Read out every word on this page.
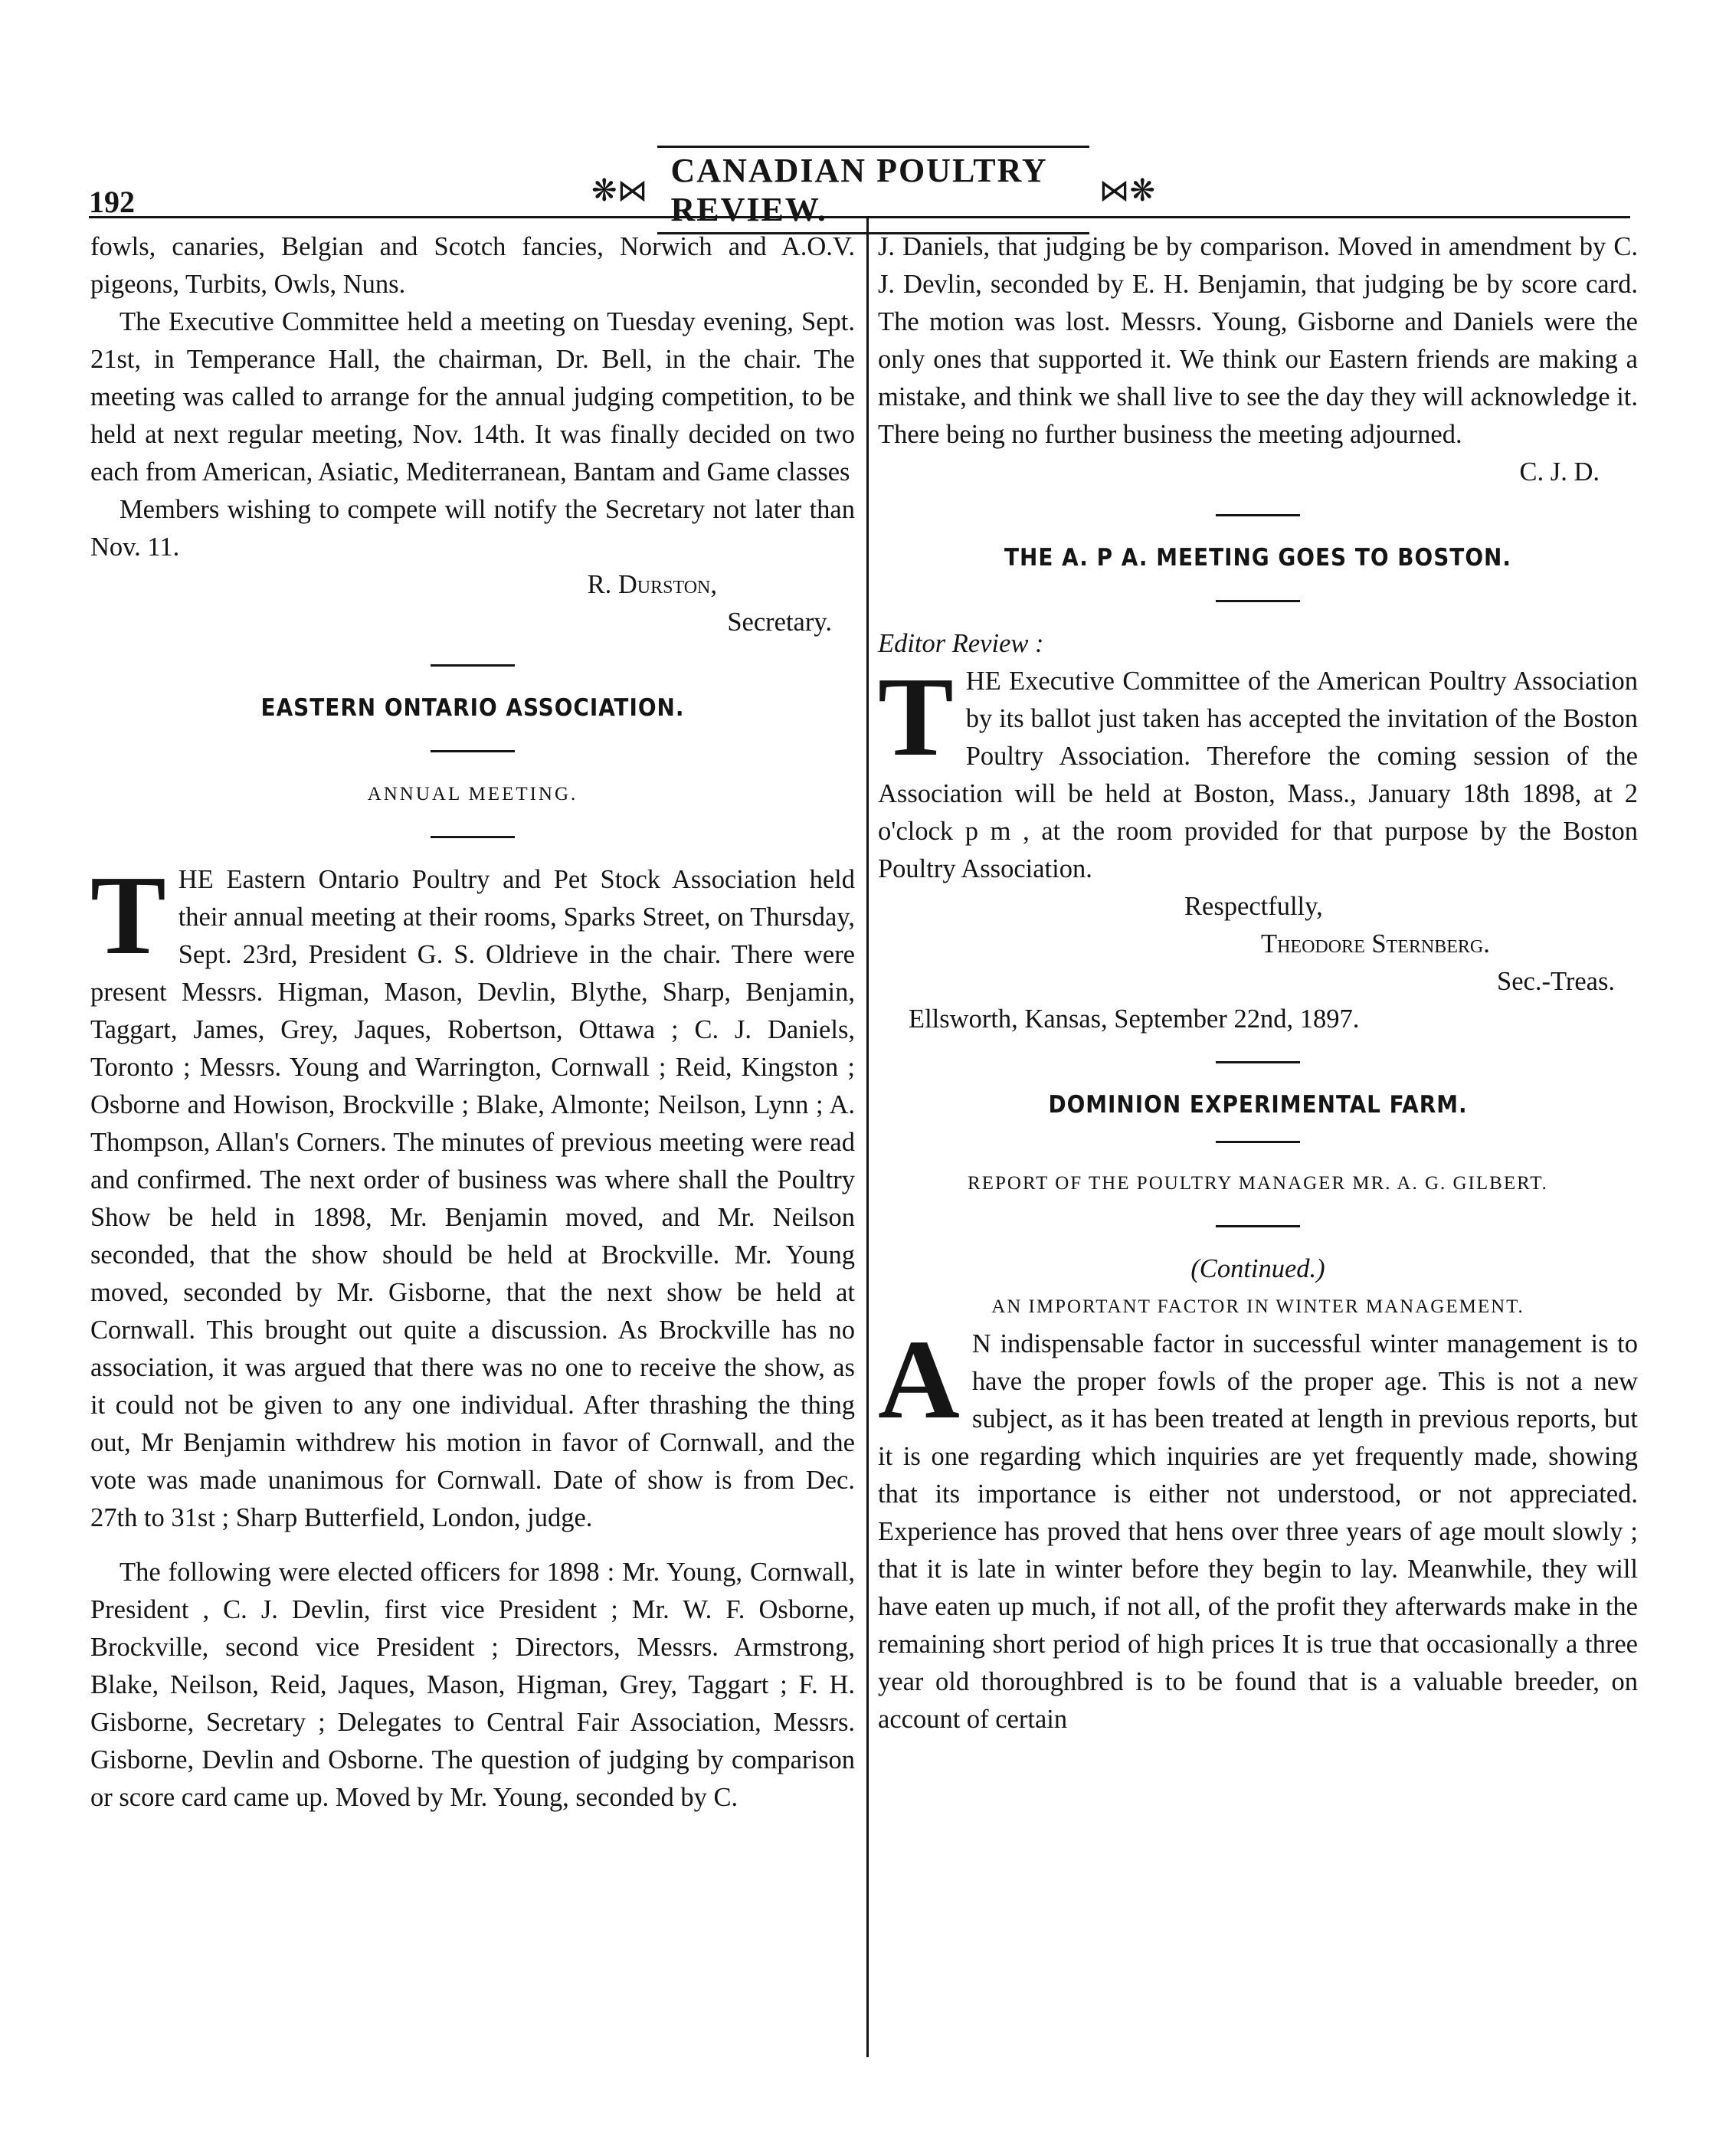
192	❋⋈
CANADIAN POULTRY REVIEW.
⋈❋

fowls, canaries, Belgian and Scotch fancies, Norwich and A.O.V. pigeons, Turbits, Owls, Nuns.

The Executive Committee held a meeting on Tuesday evening, Sept. 21st, in Temperance Hall, the chairman, Dr. Bell, in the chair. The meeting was called to arrange for the annual judging competition, to be held at next regular meeting, Nov. 14th. It was finally decided on two each from American, Asiatic, Mediterranean, Bantam and Game classes

Members wishing to compete will notify the Secretary not later than Nov. 11.

R. Durston,

Secretary.

EASTERN ONTARIO ASSOCIATION.

ANNUAL MEETING.

THE Eastern Ontario Poultry and Pet Stock Association held their annual meeting at their rooms, Sparks Street, on Thursday, Sept. 23rd, President G. S. Oldrieve in the chair. There were present Messrs. Higman, Mason, Devlin, Blythe, Sharp, Benjamin, Taggart, James, Grey, Jaques, Robertson, Ottawa ; C. J. Daniels, Toronto ; Messrs. Young and Warrington, Cornwall ; Reid, Kingston ; Osborne and Howison, Brockville ; Blake, Almonte; Neilson, Lynn ; A. Thompson, Allan's Corners. The minutes of previous meeting were read and confirmed. The next order of business was where shall the Poultry Show be held in 1898, Mr. Benjamin moved, and Mr. Neilson seconded, that the show should be held at Brockville. Mr. Young moved, seconded by Mr. Gisborne, that the next show be held at Cornwall. This brought out quite a discussion. As Brockville has no association, it was argued that there was no one to receive the show, as it could not be given to any one individual. After thrashing the thing out, Mr Benjamin withdrew his motion in favor of Cornwall, and the vote was made unanimous for Cornwall. Date of show is from Dec. 27th to 31st ; Sharp Butterfield, London, judge.

The following were elected officers for 1898 : Mr. Young, Cornwall, President , C. J. Devlin, first vice President ; Mr. W. F. Osborne, Brockville, second vice President ; Directors, Messrs. Armstrong, Blake, Neilson, Reid, Jaques, Mason, Higman, Grey, Taggart ; F. H. Gisborne, Secretary ; Delegates to Central Fair Association, Messrs. Gisborne, Devlin and Osborne. The question of judging by comparison or score card came up. Moved by Mr. Young, seconded by C.

J. Daniels, that judging be by comparison. Moved in amendment by C. J. Devlin, seconded by E. H. Benjamin, that judging be by score card. The motion was lost. Messrs. Young, Gisborne and Daniels were the only ones that supported it. We think our Eastern friends are making a mistake, and think we shall live to see the day they will acknowledge it. There being no further business the meeting adjourned.

C. J. D.

THE A. P A. MEETING GOES TO BOSTON.

Editor Review :

THE Executive Committee of the American Poultry Association by its ballot just taken has accepted the invitation of the Boston Poultry Association. Therefore the coming session of the Association will be held at Boston, Mass., January 18th 1898, at 2 o'clock p m , at the room provided for that purpose by the Boston Poultry Association.

Respectfully,

Theodore Sternberg.

Sec.-Treas.

Ellsworth, Kansas, September 22nd, 1897.

DOMINION EXPERIMENTAL FARM.

REPORT OF THE POULTRY MANAGER MR. A. G. GILBERT.

(Continued.)

AN IMPORTANT FACTOR IN WINTER MANAGEMENT.

A N indispensable factor in successful winter management is to have the proper fowls of the proper age. This is not a new subject, as it has been treated at length in previous reports, but it is one regarding which inquiries are yet frequently made, showing that its importance is either not understood, or not appreciated. Experience has proved that hens over three years of age moult slowly ; that it is late in winter before they begin to lay. Meanwhile, they will have eaten up much, if not all, of the profit they afterwards make in the remaining short period of high prices It is true that occasionally a three year old thoroughbred is to be found that is a valuable breeder, on account of certain
